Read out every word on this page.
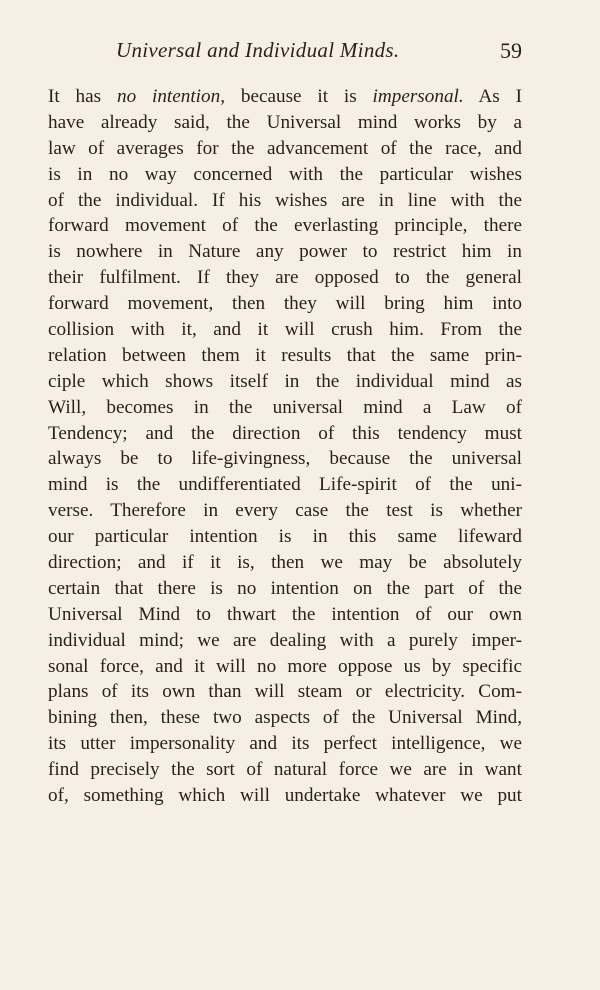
Universal and Individual Minds.	59
It has no intention, because it is impersonal. As I
have already said, the Universal mind works by a
law of averages for the advancement of the race, and
is in no way concerned with the particular wishes
of the individual. If his wishes are in line with the
forward movement of the everlasting principle, there
is nowhere in Nature any power to restrict him in
their fulfilment. If they are opposed to the general
forward movement, then they will bring him into
collision with it, and it will crush him. From the
relation between them it results that the same prin-
ciple which shows itself in the individual mind as
Will, becomes in the universal mind a Law of
Tendency; and the direction of this tendency must
always be to life-givingness, because the universal
mind is the undifferentiated Life-spirit of the uni-
verse. Therefore in every case the test is whether
our particular intention is in this same lifeward
direction; and if it is, then we may be absolutely
certain that there is no intention on the part of the
Universal Mind to thwart the intention of our own
individual mind; we are dealing with a purely imper-
sonal force, and it will no more oppose us by specific
plans of its own than will steam or electricity. Com-
bining then, these two aspects of the Universal Mind,
its utter impersonality and its perfect intelligence, we
find precisely the sort of natural force we are in want
of, something which will undertake whatever we put
